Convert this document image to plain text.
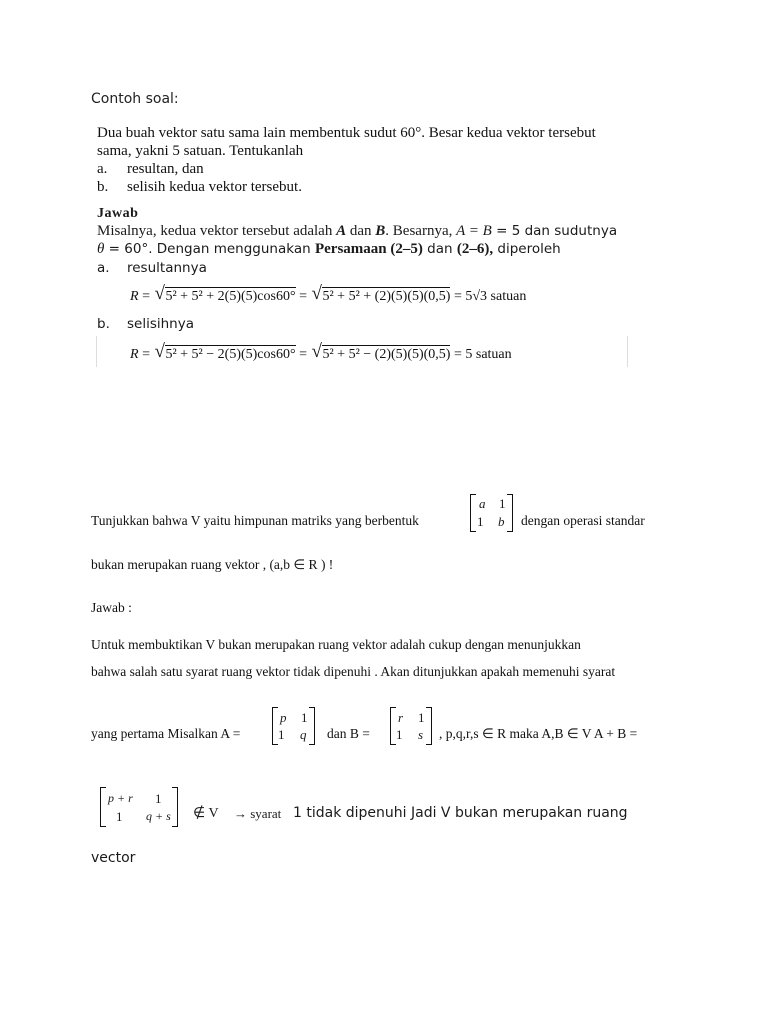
Contoh soal:
Dua buah vektor satu sama lain membentuk sudut 60°. Besar kedua vektor tersebut
sama, yakni 5 satuan. Tentukanlah
a. resultan, dan
b. selisih kedua vektor tersebut.
Jawab
Misalnya, kedua vektor tersebut adalah A dan B. Besarnya, A = B = 5 dan sudutnya
θ = 60°. Dengan menggunakan Persamaan (2–5) dan (2–6), diperoleh
a. resultannya
R = √ 5² + 5² + 2(5)(5)cos60° = √ 5² + 5² + (2)(5)(5)(0,5) = 5√3 satuan
b. selisihnya
R = √ 5² + 5² − 2(5)(5)cos60° = √ 5² + 5² − (2)(5)(5)(0,5) = 5 satuan
Tunjukkan bahwa V yaitu himpunan matriks yang berbentuk
a 1
1 b dengan operasi standar
bukan merupakan ruang vektor , (a,b ∈ R ) !
Jawab :
Untuk membuktikan V bukan merupakan ruang vektor adalah cukup dengan menunjukkan
bahwa salah satu syarat ruang vektor tidak dipenuhi . Akan ditunjukkan apakah memenuhi syarat
yang pertama Misalkan A =
p 1
1 q dan B =
r 1
1 s , p,q,r,s ∈ R maka A,B ∈ V A + B =
p + r 1
1 q + s ∉ V → syarat 1 tidak dipenuhi Jadi V bukan merupakan ruang
vector
